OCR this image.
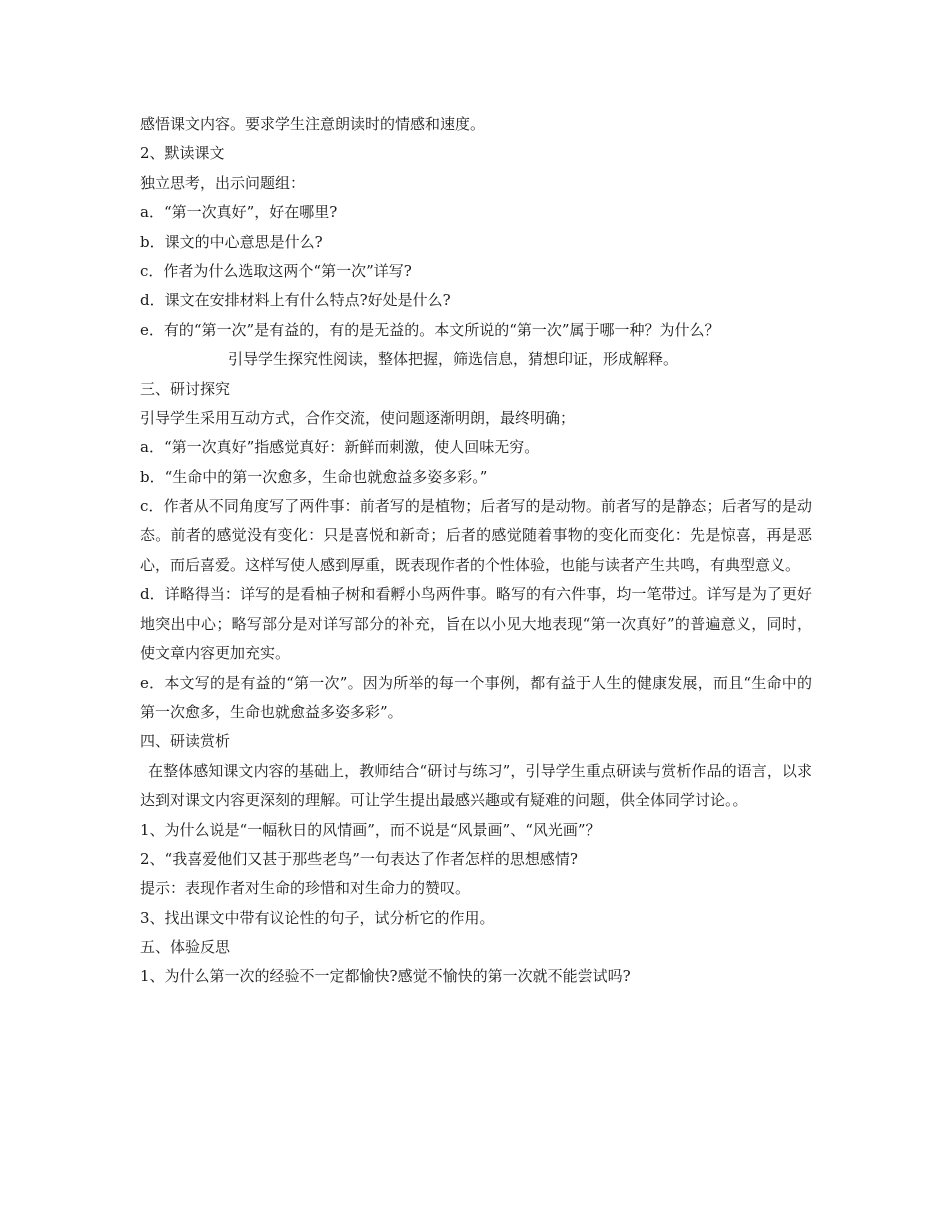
感悟课文内容。要求学生注意朗读时的情感和速度。
2、默读课文
独立思考，出示问题组：
a．“第一次真好”，好在哪里?
b．课文的中心意思是什么?
c．作者为什么选取这两个“第一次”详写?
d．课文在安排材料上有什么特点?好处是什么?
e．有的“第一次”是有益的，有的是无益的。本文所说的“第一次”属于哪一种？为什么？
引导学生探究性阅读，整体把握，筛选信息，猜想印证，形成解释。
三、研讨探究
引导学生采用互动方式，合作交流，使问题逐渐明朗，最终明确；
a．“第一次真好”指感觉真好：新鲜而刺激，使人回味无穷。
b．“生命中的第一次愈多，生命也就愈益多姿多彩。”
c．作者从不同角度写了两件事：前者写的是植物；后者写的是动物。前者写的是静态；后者写的是动态。前者的感觉没有变化：只是喜悦和新奇；后者的感觉随着事物的变化而变化：先是惊喜，再是恶心，而后喜爱。这样写使人感到厚重，既表现作者的个性体验，也能与读者产生共鸣，有典型意义。
d．详略得当：详写的是看柚子树和看孵小鸟两件事。略写的有六件事，均一笔带过。详写是为了更好地突出中心；略写部分是对详写部分的补充，旨在以小见大地表现“第一次真好”的普遍意义，同时，使文章内容更加充实。
e．本文写的是有益的“第一次”。因为所举的每一个事例，都有益于人生的健康发展，而且“生命中的第一次愈多，生命也就愈益多姿多彩”。
四、研读赏析
在整体感知课文内容的基础上，教师结合“研讨与练习”，引导学生重点研读与赏析作品的语言，以求达到对课文内容更深刻的理解。可让学生提出最感兴趣或有疑难的问题，供全体同学讨论。。
1、为什么说是“一幅秋日的风情画”，而不说是“风景画”、“风光画”？
2、“我喜爱他们又甚于那些老鸟”一句表达了作者怎样的思想感情?
提示：表现作者对生命的珍惜和对生命力的赞叹。
3、找出课文中带有议论性的句子，试分析它的作用。
五、体验反思
1、为什么第一次的经验不一定都愉快?感觉不愉快的第一次就不能尝试吗?
